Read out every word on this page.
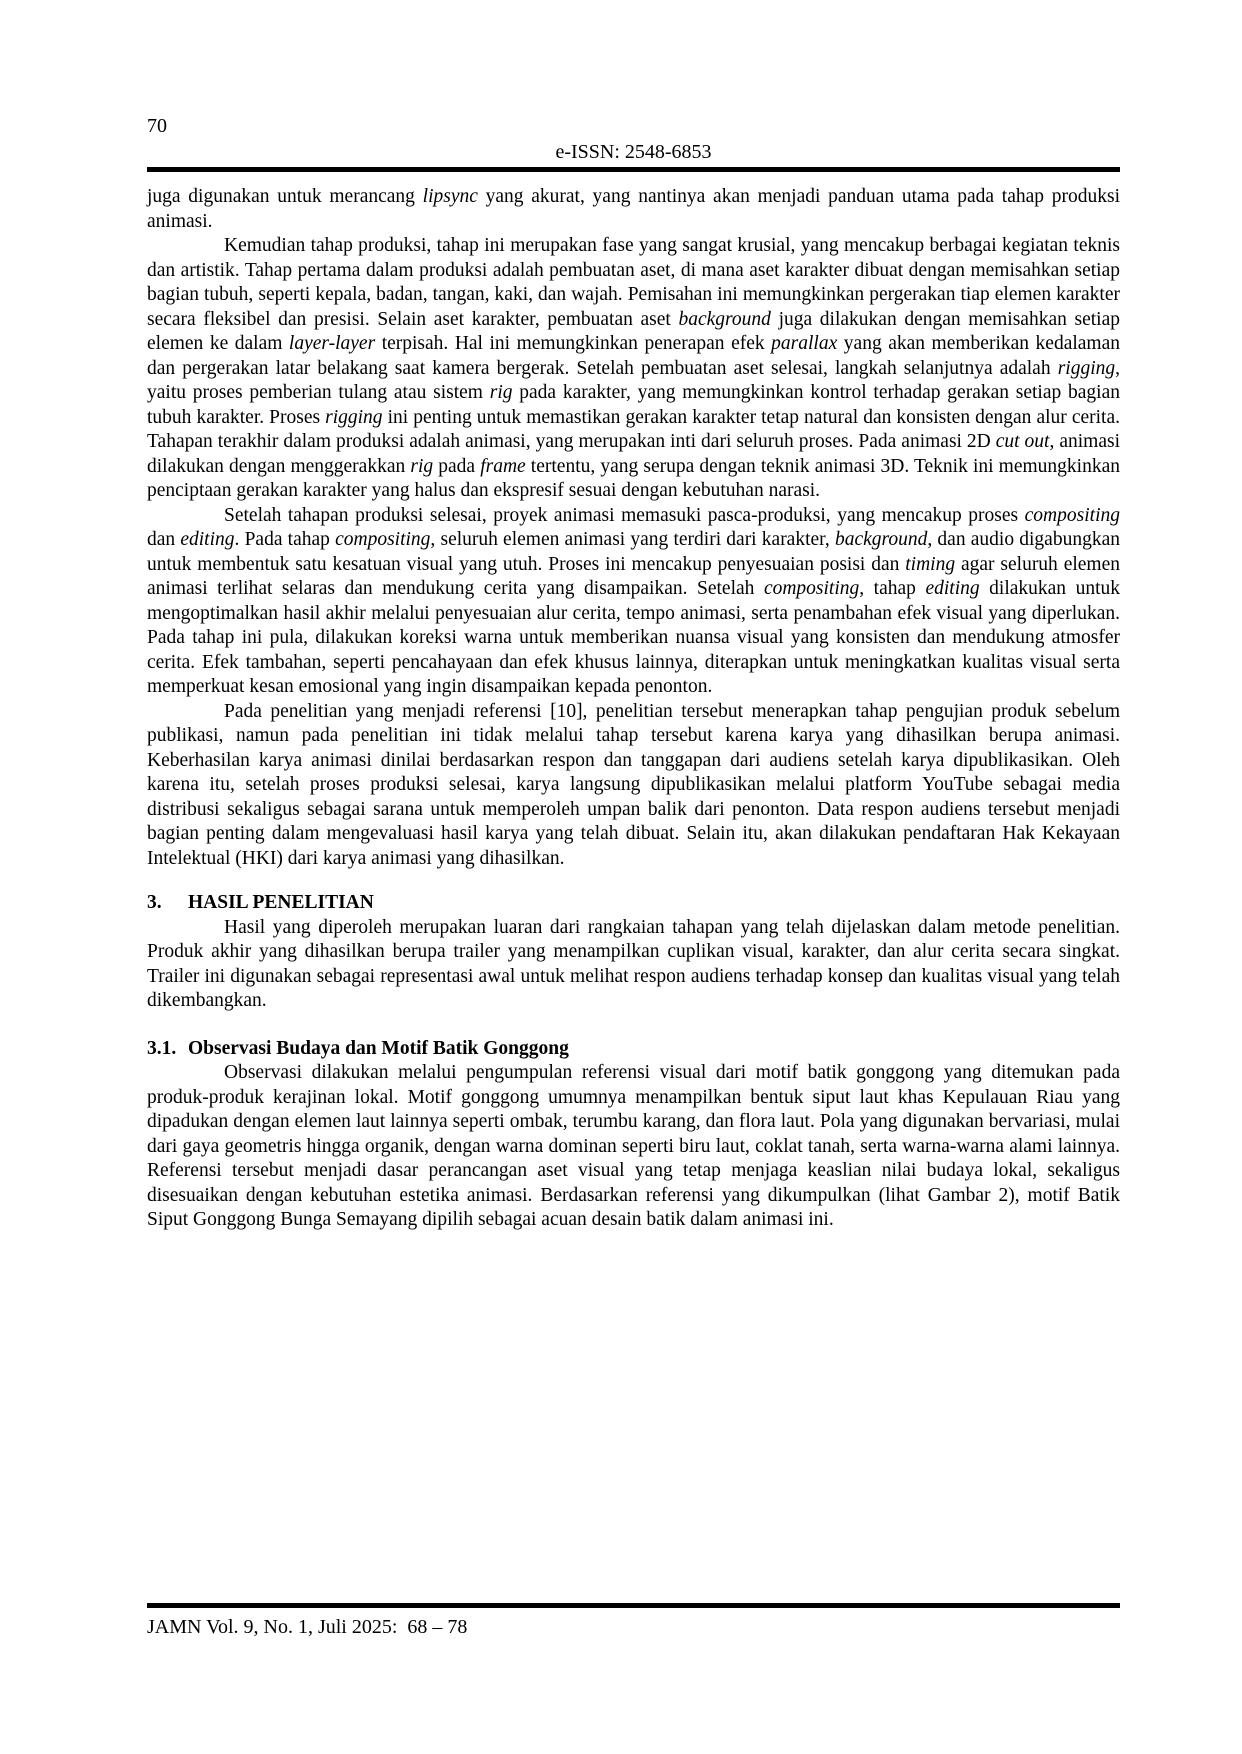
70
e-ISSN: 2548-6853

juga digunakan untuk merancang lipsync yang akurat, yang nantinya akan menjadi panduan utama pada tahap produksi animasi.

Kemudian tahap produksi, tahap ini merupakan fase yang sangat krusial, yang mencakup berbagai kegiatan teknis dan artistik. Tahap pertama dalam produksi adalah pembuatan aset, di mana aset karakter dibuat dengan memisahkan setiap bagian tubuh, seperti kepala, badan, tangan, kaki, dan wajah. Pemisahan ini memungkinkan pergerakan tiap elemen karakter secara fleksibel dan presisi. Selain aset karakter, pembuatan aset background juga dilakukan dengan memisahkan setiap elemen ke dalam layer-layer terpisah. Hal ini memungkinkan penerapan efek parallax yang akan memberikan kedalaman dan pergerakan latar belakang saat kamera bergerak. Setelah pembuatan aset selesai, langkah selanjutnya adalah rigging, yaitu proses pemberian tulang atau sistem rig pada karakter, yang memungkinkan kontrol terhadap gerakan setiap bagian tubuh karakter. Proses rigging ini penting untuk memastikan gerakan karakter tetap natural dan konsisten dengan alur cerita. Tahapan terakhir dalam produksi adalah animasi, yang merupakan inti dari seluruh proses. Pada animasi 2D cut out, animasi dilakukan dengan menggerakkan rig pada frame tertentu, yang serupa dengan teknik animasi 3D. Teknik ini memungkinkan penciptaan gerakan karakter yang halus dan ekspresif sesuai dengan kebutuhan narasi.

Setelah tahapan produksi selesai, proyek animasi memasuki pasca-produksi, yang mencakup proses compositing dan editing. Pada tahap compositing, seluruh elemen animasi yang terdiri dari karakter, background, dan audio digabungkan untuk membentuk satu kesatuan visual yang utuh. Proses ini mencakup penyesuaian posisi dan timing agar seluruh elemen animasi terlihat selaras dan mendukung cerita yang disampaikan. Setelah compositing, tahap editing dilakukan untuk mengoptimalkan hasil akhir melalui penyesuaian alur cerita, tempo animasi, serta penambahan efek visual yang diperlukan. Pada tahap ini pula, dilakukan koreksi warna untuk memberikan nuansa visual yang konsisten dan mendukung atmosfer cerita. Efek tambahan, seperti pencahayaan dan efek khusus lainnya, diterapkan untuk meningkatkan kualitas visual serta memperkuat kesan emosional yang ingin disampaikan kepada penonton.

Pada penelitian yang menjadi referensi [10], penelitian tersebut menerapkan tahap pengujian produk sebelum publikasi, namun pada penelitian ini tidak melalui tahap tersebut karena karya yang dihasilkan berupa animasi. Keberhasilan karya animasi dinilai berdasarkan respon dan tanggapan dari audiens setelah karya dipublikasikan. Oleh karena itu, setelah proses produksi selesai, karya langsung dipublikasikan melalui platform YouTube sebagai media distribusi sekaligus sebagai sarana untuk memperoleh umpan balik dari penonton. Data respon audiens tersebut menjadi bagian penting dalam mengevaluasi hasil karya yang telah dibuat. Selain itu, akan dilakukan pendaftaran Hak Kekayaan Intelektual (HKI) dari karya animasi yang dihasilkan.

3. HASIL PENELITIAN

Hasil yang diperoleh merupakan luaran dari rangkaian tahapan yang telah dijelaskan dalam metode penelitian. Produk akhir yang dihasilkan berupa trailer yang menampilkan cuplikan visual, karakter, dan alur cerita secara singkat. Trailer ini digunakan sebagai representasi awal untuk melihat respon audiens terhadap konsep dan kualitas visual yang telah dikembangkan.

3.1. Observasi Budaya dan Motif Batik Gonggong

Observasi dilakukan melalui pengumpulan referensi visual dari motif batik gonggong yang ditemukan pada produk-produk kerajinan lokal. Motif gonggong umumnya menampilkan bentuk siput laut khas Kepulauan Riau yang dipadukan dengan elemen laut lainnya seperti ombak, terumbu karang, dan flora laut. Pola yang digunakan bervariasi, mulai dari gaya geometris hingga organik, dengan warna dominan seperti biru laut, coklat tanah, serta warna-warna alami lainnya. Referensi tersebut menjadi dasar perancangan aset visual yang tetap menjaga keaslian nilai budaya lokal, sekaligus disesuaikan dengan kebutuhan estetika animasi. Berdasarkan referensi yang dikumpulkan (lihat Gambar 2), motif Batik Siput Gonggong Bunga Semayang dipilih sebagai acuan desain batik dalam animasi ini.

JAMN Vol. 9, No. 1, Juli 2025:  68 – 78
